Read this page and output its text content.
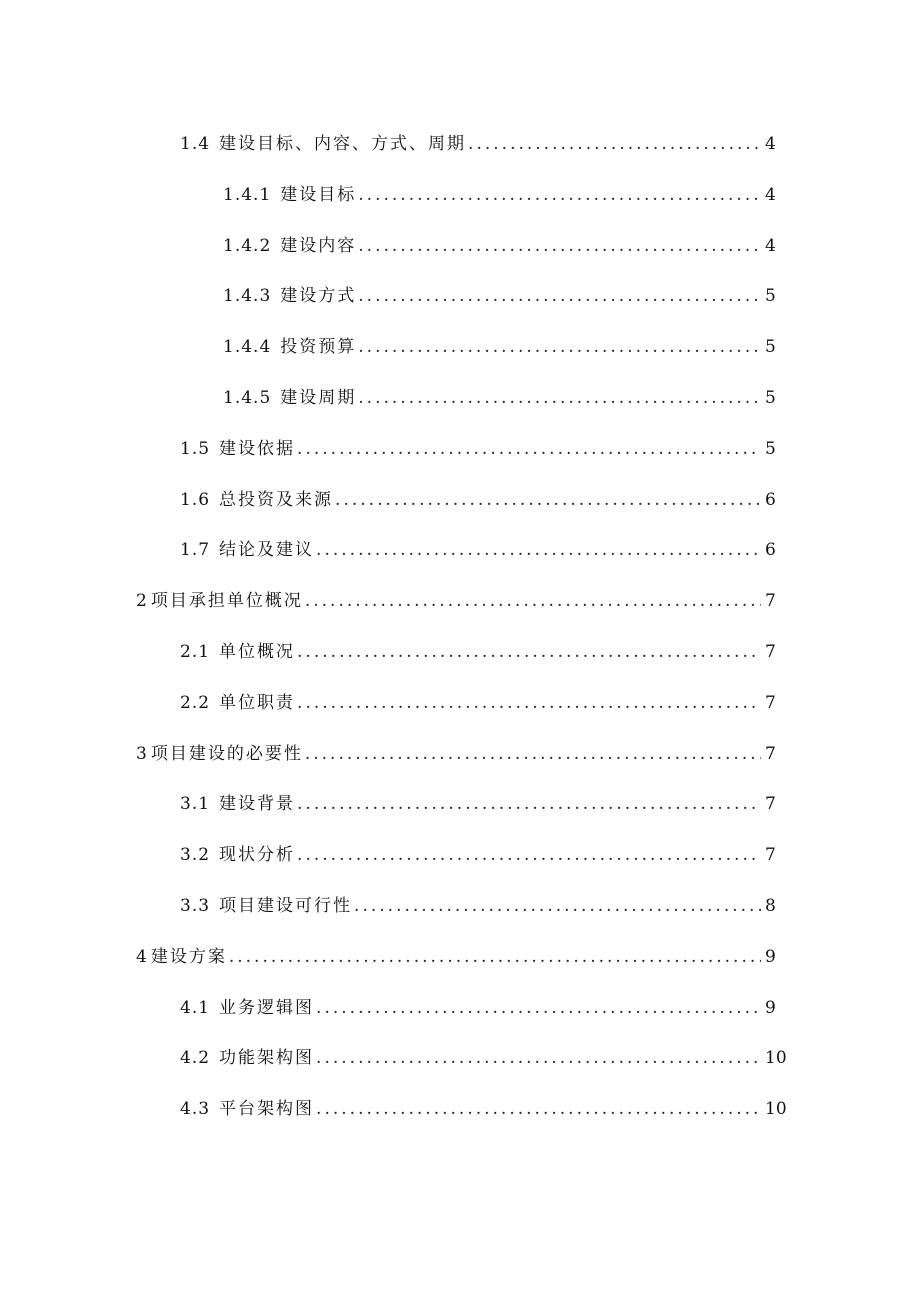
1.4 建设目标、内容、方式、周期 .....	4
1.4.1 建设目标 .....	4
1.4.2 建设内容 .....	4
1.4.3 建设方式 .....	5
1.4.4 投资预算 .....	5
1.4.5 建设周期 .....	5
1.5 建设依据 .....	5
1.6 总投资及来源 .....	6
1.7 结论及建议 .....	6
2 项目承担单位概况 .....	7
2.1 单位概况 .....	7
2.2 单位职责 .....	7
3 项目建设的必要性 .....	7
3.1 建设背景 .....	7
3.2 现状分析 .....	7
3.3 项目建设可行性 .....	8
4 建设方案 .....	9
4.1 业务逻辑图 .....	9
4.2 功能架构图 .....	10
4.3 平台架构图 .....	10
